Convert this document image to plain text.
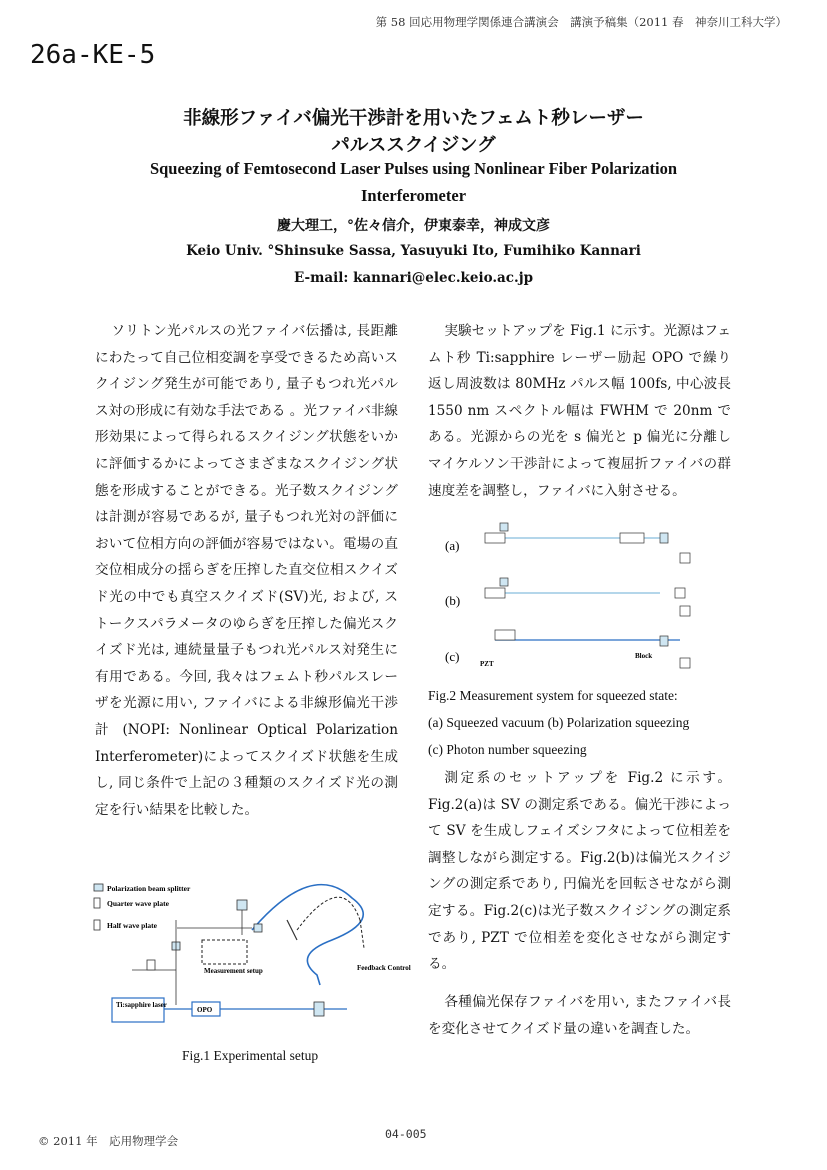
第 58 回応用物理学関係連合講演会　講演予稿集（2011 春　神奈川工科大学）
26a-KE-5
非線形ファイバ偏光干渉計を用いたフェムト秒レーザー
パルススクイジング
Squeezing of Femtosecond Laser Pulses using Nonlinear Fiber Polarization
Interferometer
慶大理工，°佐々信介，伊東泰幸，神成文彦
Keio Univ. °Shinsuke Sassa, Yasuyuki Ito, Fumihiko Kannari
E-mail: kannari@elec.keio.ac.jp
ソリトン光パルスの光ファイバ伝播は, 長距離にわたって自己位相変調を享受できるため高いスクイジング発生が可能であり, 量子もつれ光パルス対の形成に有効な手法である 。光ファイバ非線形効果によって得られるスクイジング状態をいかに評価するかによってさまざまなスクイジング状態を形成することができる。光子数スクイジングは計測が容易であるが, 量子もつれ光対の評価において位相方向の評価が容易ではない。電場の直交位相成分の揺らぎを圧搾した直交位相スクイズド光の中でも真空スクイズド(SV)光, および, ストークスパラメータのゆらぎを圧搾した偏光スクイズド光は, 連続量量子もつれ光パルス対発生に有用である。今回, 我々はフェムト秒パルスレーザを光源に用い, ファイバによる非線形偏光干渉計 (NOPI: Nonlinear Optical Polarization Interferometer)によってスクイズド状態を生成し, 同じ条件で上記の３種類のスクイズド光の測定を行い結果を比較した。
Polarization beam splitter
Quarter wave plate
Half wave plate
Measurement setup
Ti:sapphire laser
OPO
Feedback Control
Fig.1 Experimental setup
実験セットアップを Fig.1 に示す。光源はフェムト秒 Ti:sapphire レーザー励起 OPO で繰り返し周波数は 80MHz パルス幅 100fs, 中心波長 1550 nm スペクトル幅は FWHM で 20nm である。光源からの光を s 偏光と p 偏光に分離しマイケルソン干渉計によって複屈折ファイバの群速度差を調整し，ファイバに入射させる。
(a)
(b)
(c)	PZT
Block
Fig.2 Measurement system for squeezed state:
(a) Squeezed vacuum (b) Polarization squeezing
(c) Photon number squeezing
測定系のセットアップを Fig.2 に示す。Fig.2(a)は SV の測定系である。偏光干渉によって SV を生成しフェイズシフタによって位相差を調整しながら測定する。Fig.2(b)は偏光スクイジングの測定系であり, 円偏光を回転させながら測定する。Fig.2(c)は光子数スクイジングの測定系であり, PZT で位相差を変化させながら測定する。
各種偏光保存ファイバを用い, またファイバ長を変化させてクイズド量の違いを調査した。
© 2011 年　応用物理学会	04-005
